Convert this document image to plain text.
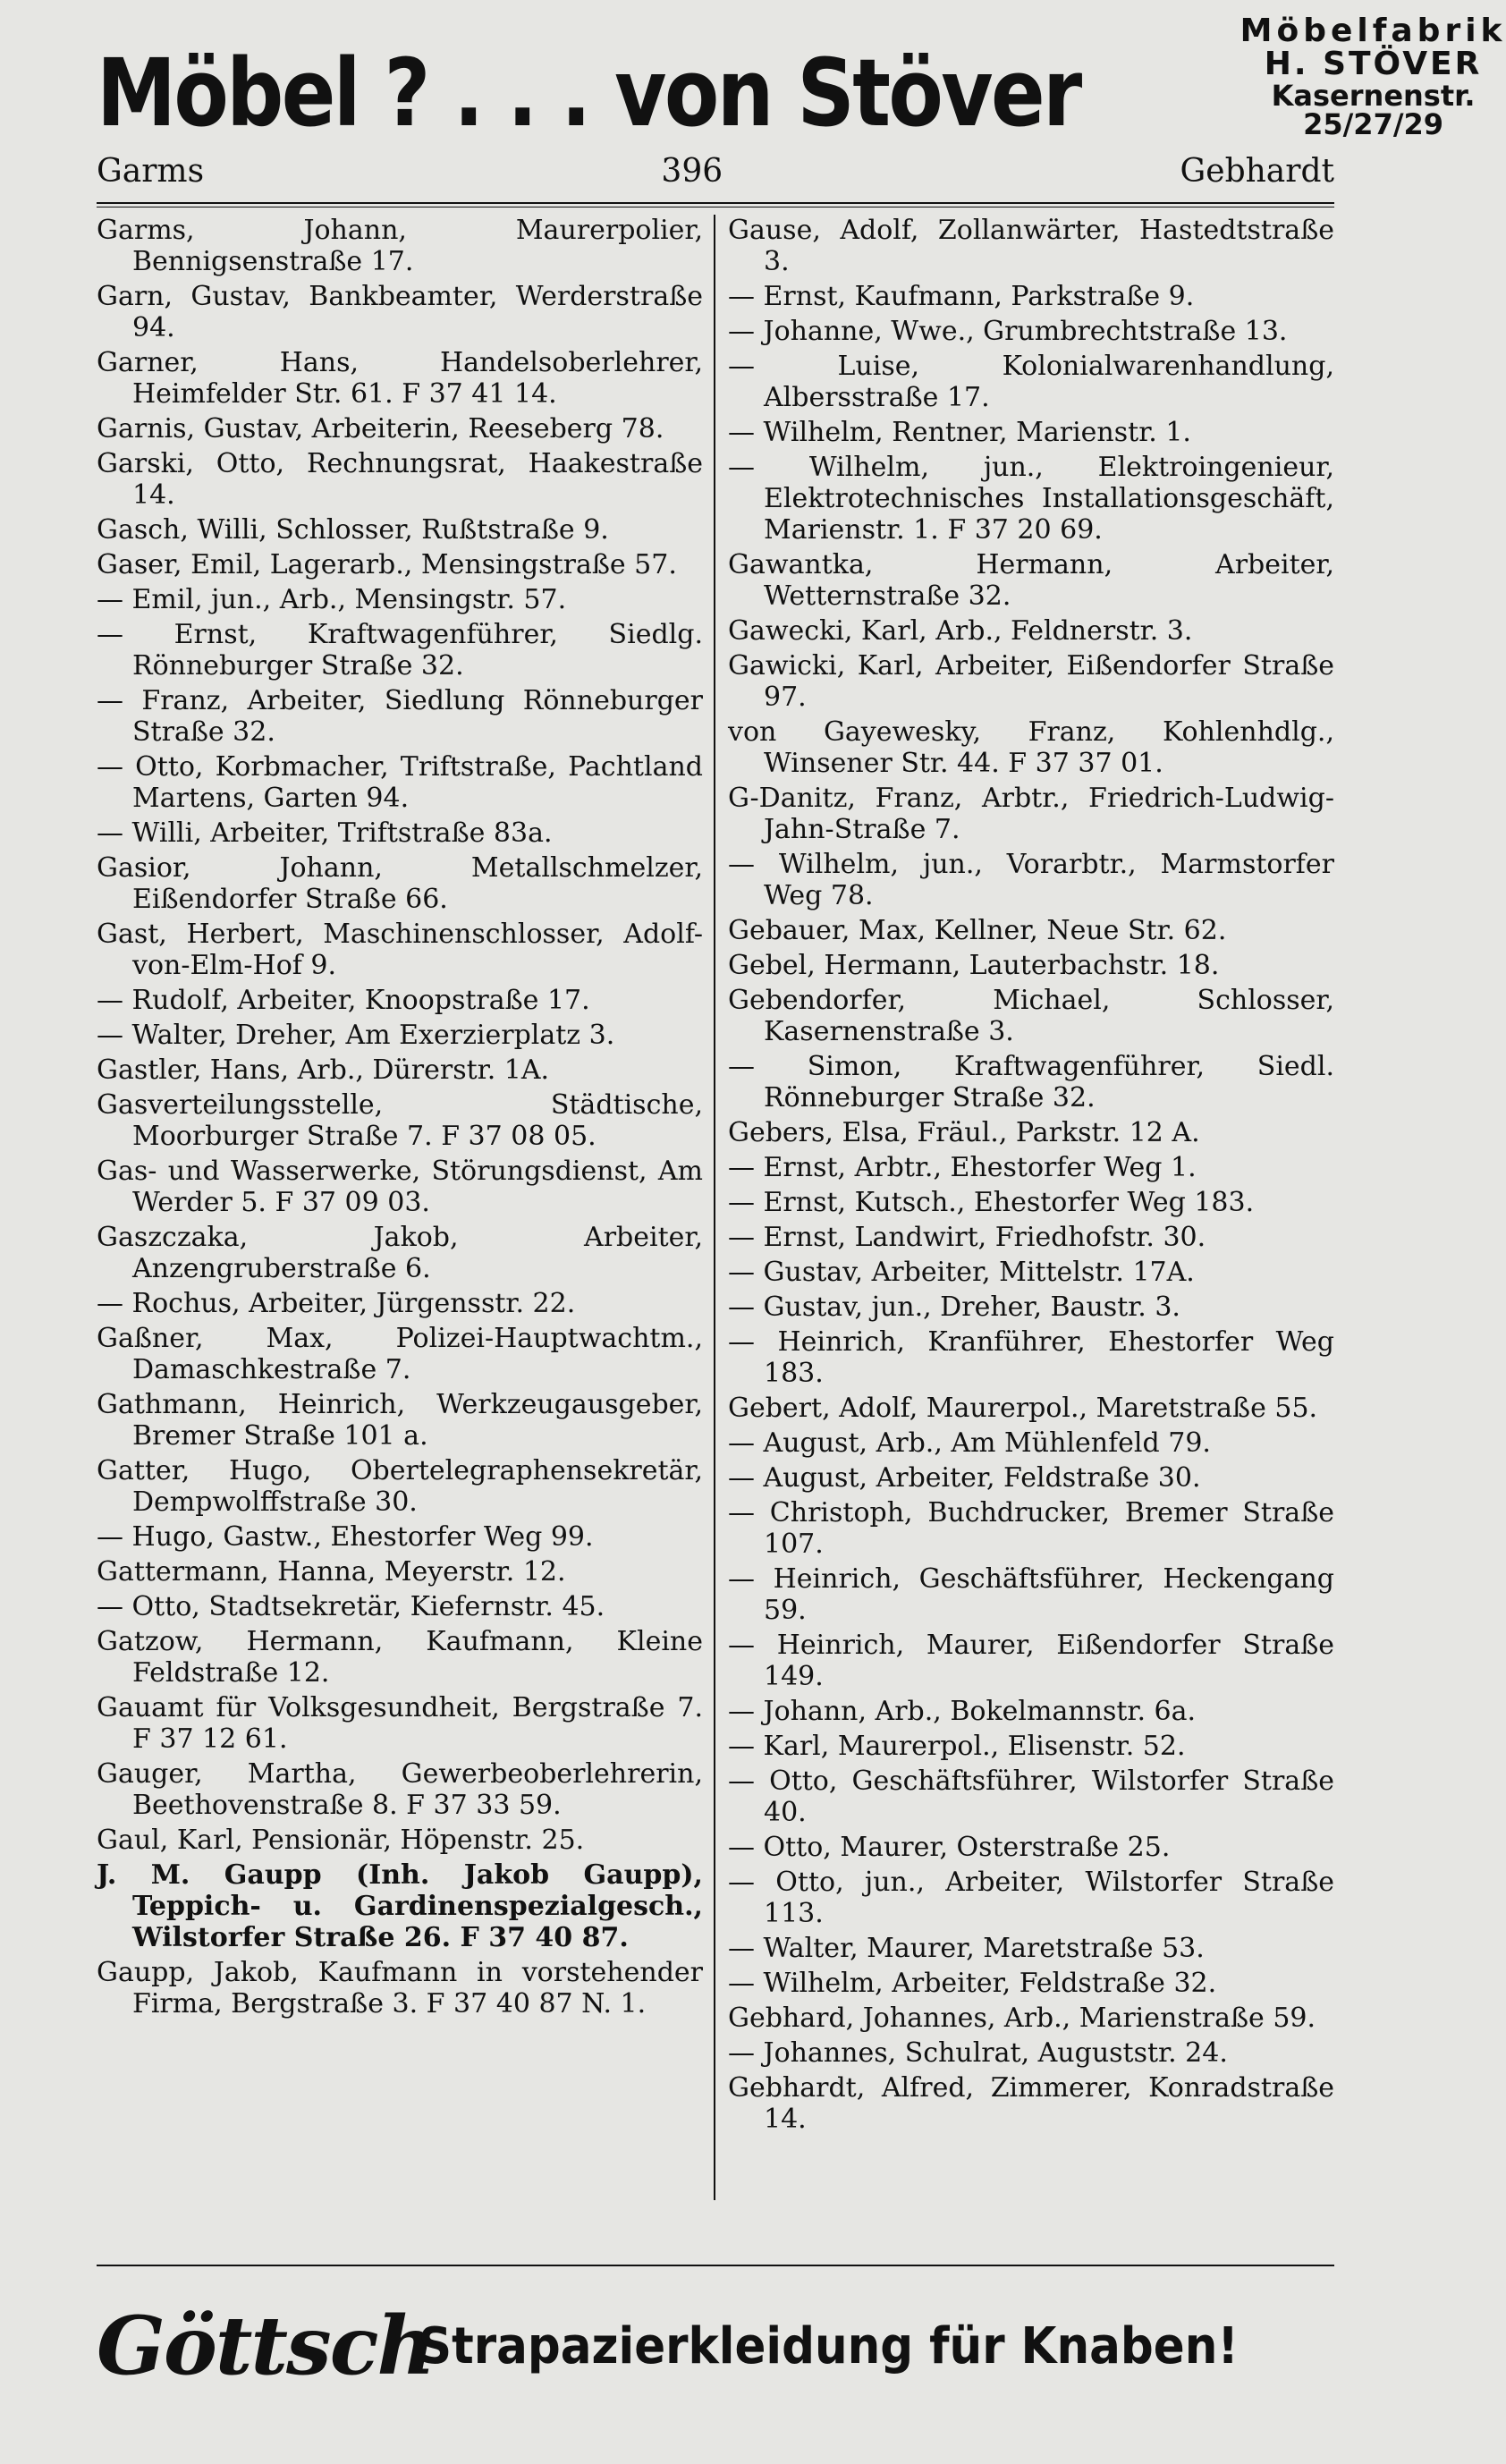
Möbel ? . . . von Stöver
Möbelfabrik
H. STÖVER
Kasernenstr. 25/27/29
Garms	396	Gebhardt

Garms, Johann, Maurerpolier, Bennigsenstraße 17.

Garn, Gustav, Bankbeamter, Werderstraße 94.

Garner, Hans, Handelsoberlehrer, Heimfelder Str. 61. F 37 41 14.

Garnis, Gustav, Arbeiterin, Reeseberg 78.

Garski, Otto, Rechnungsrat, Haakestraße 14.

Gasch, Willi, Schlosser, Rußtstraße 9.

Gaser, Emil, Lagerarb., Mensingstraße 57.

— Emil, jun., Arb., Mensingstr. 57.

— Ernst, Kraftwagenführer, Siedlg. Rönneburger Straße 32.

— Franz, Arbeiter, Siedlung Rönneburger Straße 32.

— Otto, Korbmacher, Triftstraße, Pachtland Martens, Garten 94.

— Willi, Arbeiter, Triftstraße 83a.

Gasior, Johann, Metallschmelzer, Eißendorfer Straße 66.

Gast, Herbert, Maschinenschlosser, Adolf-von-Elm-Hof 9.

— Rudolf, Arbeiter, Knoopstraße 17.

— Walter, Dreher, Am Exerzierplatz 3.

Gastler, Hans, Arb., Dürerstr. 1A.

Gasverteilungsstelle, Städtische, Moorburger Straße 7. F 37 08 05.

Gas- und Wasserwerke, Störungsdienst, Am Werder 5. F 37 09 03.

Gaszczaka, Jakob, Arbeiter, Anzengruberstraße 6.

— Rochus, Arbeiter, Jürgensstr. 22.

Gaßner, Max, Polizei-Hauptwachtm., Damaschkestraße 7.

Gathmann, Heinrich, Werkzeugausgeber, Bremer Straße 101 a.

Gatter, Hugo, Obertelegraphensekretär, Dempwolffstraße 30.

— Hugo, Gastw., Ehestorfer Weg 99.

Gattermann, Hanna, Meyerstr. 12.

— Otto, Stadtsekretär, Kiefernstr. 45.

Gatzow, Hermann, Kaufmann, Kleine Feldstraße 12.

Gauamt für Volksgesundheit, Bergstraße 7. F 37 12 61.

Gauger, Martha, Gewerbeoberlehrerin, Beethovenstraße 8. F 37 33 59.

Gaul, Karl, Pensionär, Höpenstr. 25.

J. M. Gaupp (Inh. Jakob Gaupp), Teppich- u. Gardinenspezialgesch., Wilstorfer Straße 26. F 37 40 87.

Gaupp, Jakob, Kaufmann in vorstehender Firma, Bergstraße 3. F 37 40 87 N. 1.

Gause, Adolf, Zollanwärter, Hastedtstraße 3.

— Ernst, Kaufmann, Parkstraße 9.

— Johanne, Wwe., Grumbrechtstraße 13.

— Luise, Kolonialwarenhandlung, Albersstraße 17.

— Wilhelm, Rentner, Marienstr. 1.

— Wilhelm, jun., Elektroingenieur, Elektrotechnisches Installationsgeschäft, Marienstr. 1. F 37 20 69.

Gawantka, Hermann, Arbeiter, Wetternstraße 32.

Gawecki, Karl, Arb., Feldnerstr. 3.

Gawicki, Karl, Arbeiter, Eißendorfer Straße 97.

von Gayewesky, Franz, Kohlenhdlg., Winsener Str. 44. F 37 37 01.

G-Danitz, Franz, Arbtr., Friedrich-Ludwig-Jahn-Straße 7.

— Wilhelm, jun., Vorarbtr., Marmstorfer Weg 78.

Gebauer, Max, Kellner, Neue Str. 62.

Gebel, Hermann, Lauterbachstr. 18.

Gebendorfer, Michael, Schlosser, Kasernenstraße 3.

— Simon, Kraftwagenführer, Siedl. Rönneburger Straße 32.

Gebers, Elsa, Fräul., Parkstr. 12 A.

— Ernst, Arbtr., Ehestorfer Weg 1.

— Ernst, Kutsch., Ehestorfer Weg 183.

— Ernst, Landwirt, Friedhofstr. 30.

— Gustav, Arbeiter, Mittelstr. 17A.

— Gustav, jun., Dreher, Baustr. 3.

— Heinrich, Kranführer, Ehestorfer Weg 183.

Gebert, Adolf, Maurerpol., Maretstraße 55.

— August, Arb., Am Mühlenfeld 79.

— August, Arbeiter, Feldstraße 30.

— Christoph, Buchdrucker, Bremer Straße 107.

— Heinrich, Geschäftsführer, Heckengang 59.

— Heinrich, Maurer, Eißendorfer Straße 149.

— Johann, Arb., Bokelmannstr. 6a.

— Karl, Maurerpol., Elisenstr. 52.

— Otto, Geschäftsführer, Wilstorfer Straße 40.

— Otto, Maurer, Osterstraße 25.

— Otto, jun., Arbeiter, Wilstorfer Straße 113.

— Walter, Maurer, Maretstraße 53.

— Wilhelm, Arbeiter, Feldstraße 32.

Gebhard, Johannes, Arb., Marienstraße 59.

— Johannes, Schulrat, Auguststr. 24.

Gebhardt, Alfred, Zimmerer, Konradstraße 14.

Göttsch
Strapazierkleidung für Knaben!
